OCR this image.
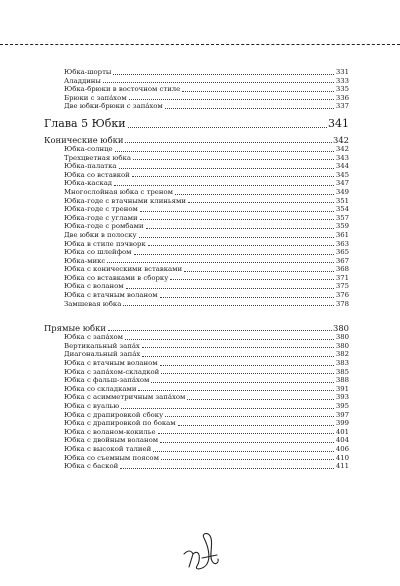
Юбка-шорты	331
Аладдины	333
Юбка-брюки в восточном стиле	335
Брюки с запа́хом	336
Две юбки-брюки с запа́хом	337
Глава 5 Юбки	341
Конические юбки	342
Юбка-солнце	342
Трехцветная юбка	343
Юбка-палатка	344
Юбка со вставкой	345
Юбка-каскад	347
Многослойная юбка с треном	349
Юбка-годе с втачными клиньями	351
Юбка-годе с треном	354
Юбка-годе с углами	357
Юбка-годе с ромбами	359
Две юбки в полоску	361
Юбка в стиле пэчворк	363
Юбка со шлейфом	365
Юбка-микс	367
Юбка с коническими вставками	368
Юбка со вставками в сборку	371
Юбка с воланом	375
Юбка с втачным воланом	376
Замшевая юбка	378
Прямые юбки	380
Юбка с запа́хом	380
Вертикальный запа́х	380
Диагональный запа́х	382
Юбка с втачным воланом	383
Юбка с запа́хом-складкой	385
Юбка с фальш-запа́хом	388
Юбка со складками	391
Юбка с асимметричным запа́хом	393
Юбка с вуалью	395
Юбка с драпировкой сбоку	397
Юбка с драпировкой по бокам	399
Юбка с воланом-кокилье	401
Юбка с двойным воланом	404
Юбка с высокой талией	406
Юбка со съемным поясом	410
Юбка с баской	411
